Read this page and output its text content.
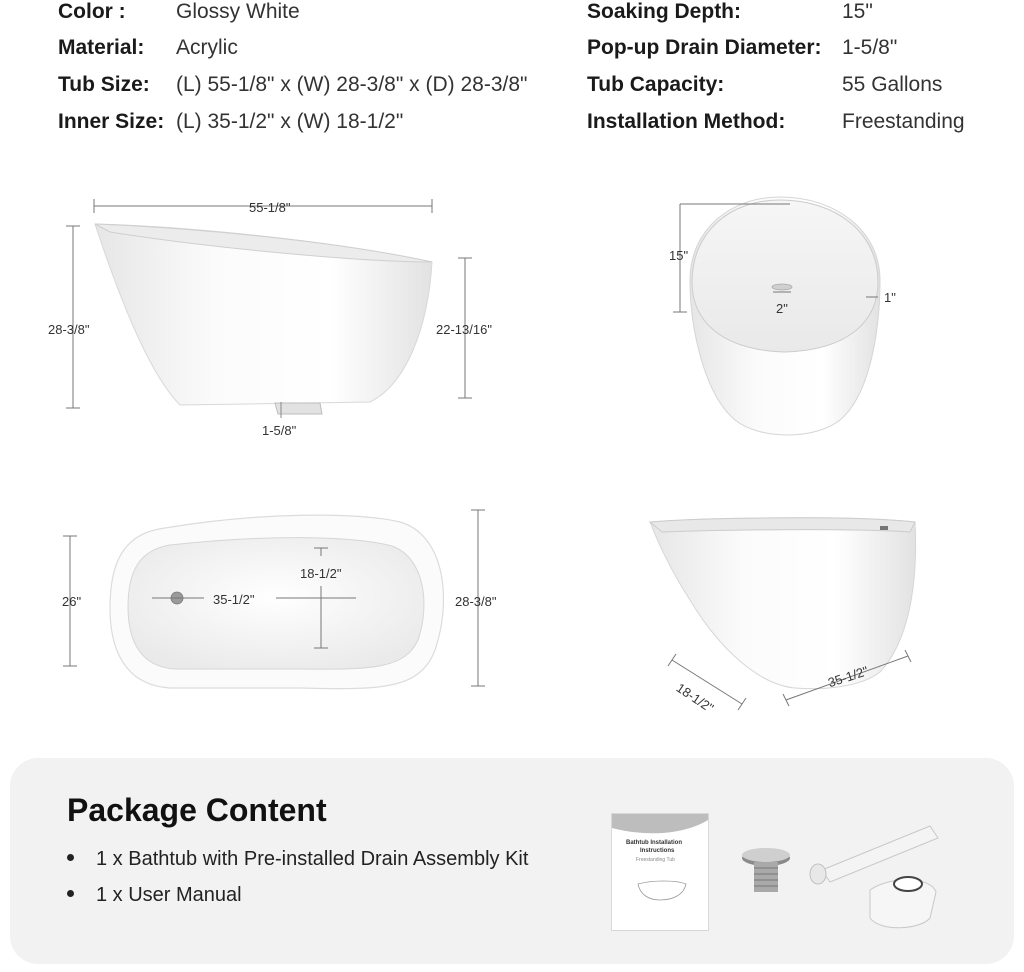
Color : Glossy White
Material: Acrylic
Tub Size: (L) 55-1/8" x (W) 28-3/8" x (D) 28-3/8"
Inner Size: (L) 35-1/2" x (W) 18-1/2"
Soaking Depth:	15"
Pop-up Drain Diameter: 1-5/8"
Tub Capacity:	55 Gallons
Installation Method:	Freestanding
55-1/8"
28-3/8"	22-13/16"
1-5/8"
15"
2"
1"
26"	28-3/8"
18-1/2"
35-1/2"
18-1/2"
35-1/2"
Package Content
1 x Bathtub with Pre-installed Drain Assembly Kit
1 x User Manual
Bathtub Installation
Instructions
Freestanding Tub
